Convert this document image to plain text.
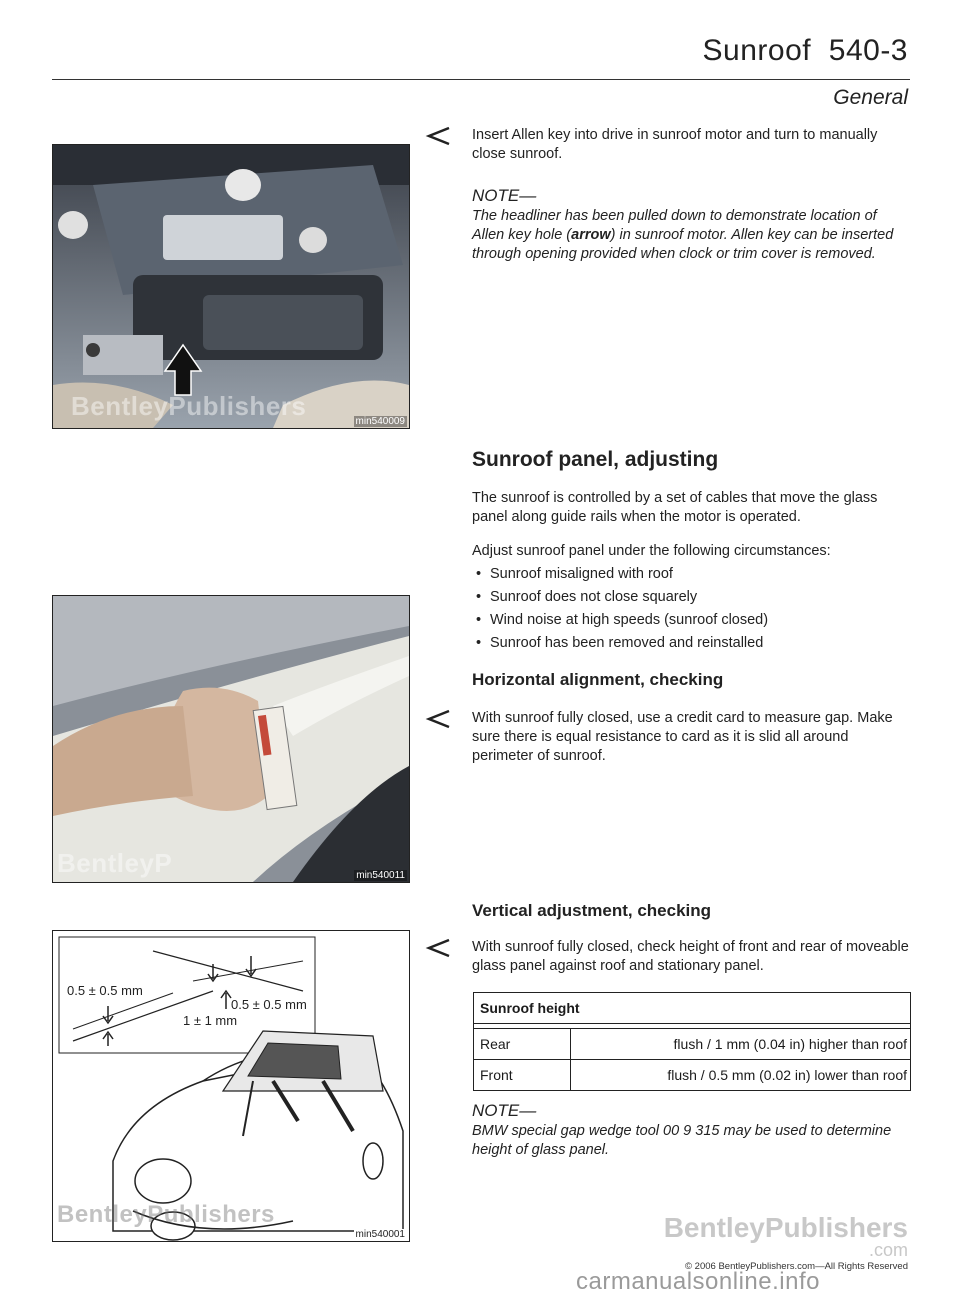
Sunroof  540-3
General
BentleyPublishers
min540009
Insert Allen key into drive in sunroof motor and turn to manually close sunroof.
NOTE—
The headliner has been pulled down to demonstrate location of Allen key hole (arrow) in sunroof motor. Allen key can be inserted through opening provided when clock or trim cover is removed.
Sunroof panel, adjusting
The sunroof is controlled by a set of cables that move the glass panel along guide rails when the motor is operated.
Adjust sunroof panel under the following circumstances:
• Sunroof misaligned with roof
• Sunroof does not close squarely
• Wind noise at high speeds (sunroof closed)
• Sunroof has been removed and reinstalled
BentleyP	min540011
Horizontal alignment, checking
With sunroof fully closed, use a credit card to measure gap. Make sure there is equal resistance to card as it is slid all around perimeter of sunroof.
0.5 ± 0.5 mm
0.5 ± 0.5 mm
1 ± 1 mm
BentleyPublishers
min540001
Vertical adjustment, checking
With sunroof fully closed, check height of front and rear of moveable glass panel against roof and stationary panel.
Sunroof height
Rear	flush / 1 mm (0.04 in) higher than roof
Front	flush / 0.5 mm (0.02 in) lower than roof
NOTE—
BMW special gap wedge tool 00 9 315 may be used to determine height of glass panel.
BentleyPublishers
.com
© 2006 BentleyPublishers.com—All Rights Reserved
carmanualsonline.info
